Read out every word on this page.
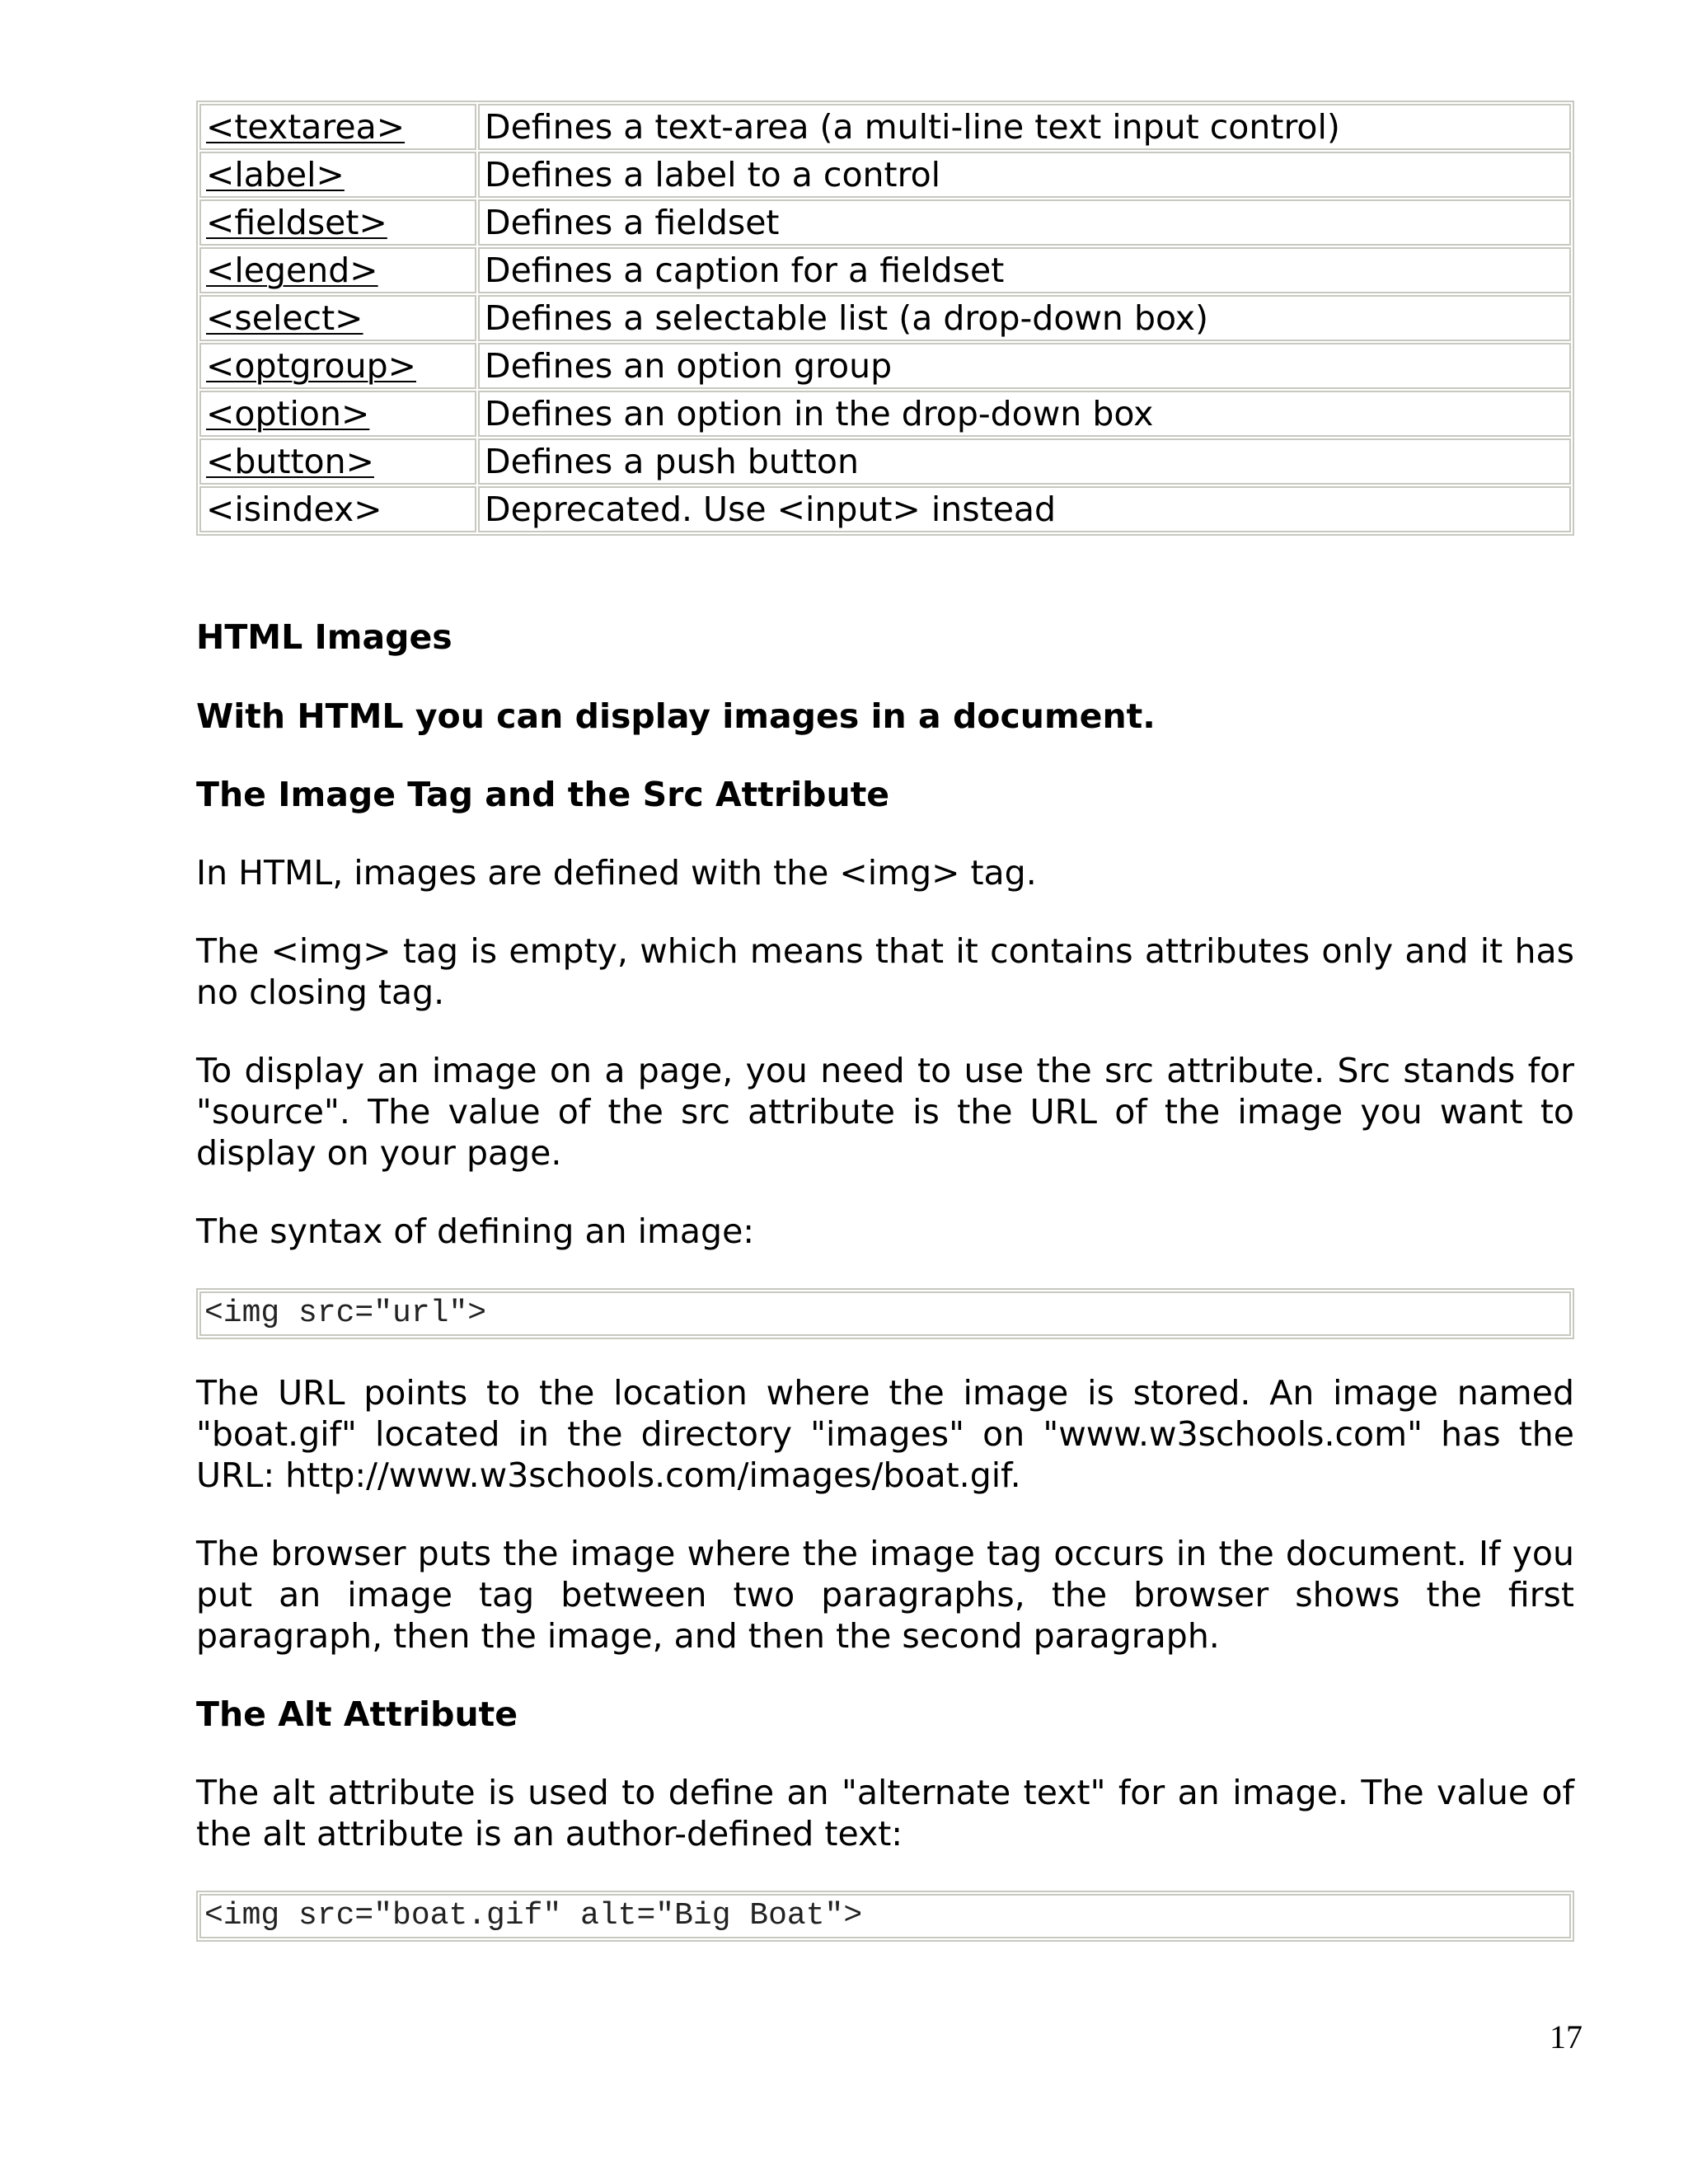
<textarea>	Defines a text-area (a multi-line text input control)
<label>	Defines a label to a control
<fieldset>	Defines a fieldset
<legend>	Defines a caption for a fieldset
<select>	Defines a selectable list (a drop-down box)
<optgroup>	Defines an option group
<option>	Defines an option in the drop-down box
<button>	Defines a push button
<isindex>	Deprecated. Use <input> instead
HTML Images

With HTML you can display images in a document.

The Image Tag and the Src Attribute

In HTML, images are defined with the <img> tag.

The <img> tag is empty, which means that it contains attributes only and it has no closing tag.

To display an image on a page, you need to use the src attribute. Src stands for "source". The value of the src attribute is the URL of the image you want to display on your page.

The syntax of defining an image:

<img src="url">

The URL points to the location where the image is stored. An image named "boat.gif" located in the directory "images" on "www.w3schools.com" has the URL: http://www.w3schools.com/images/boat.gif.

The browser puts the image where the image tag occurs in the document. If you put an image tag between two paragraphs, the browser shows the first paragraph, then the image, and then the second paragraph.

The Alt Attribute

The alt attribute is used to define an "alternate text" for an image. The value of the alt attribute is an author-defined text:

<img src="boat.gif" alt="Big Boat">
17
